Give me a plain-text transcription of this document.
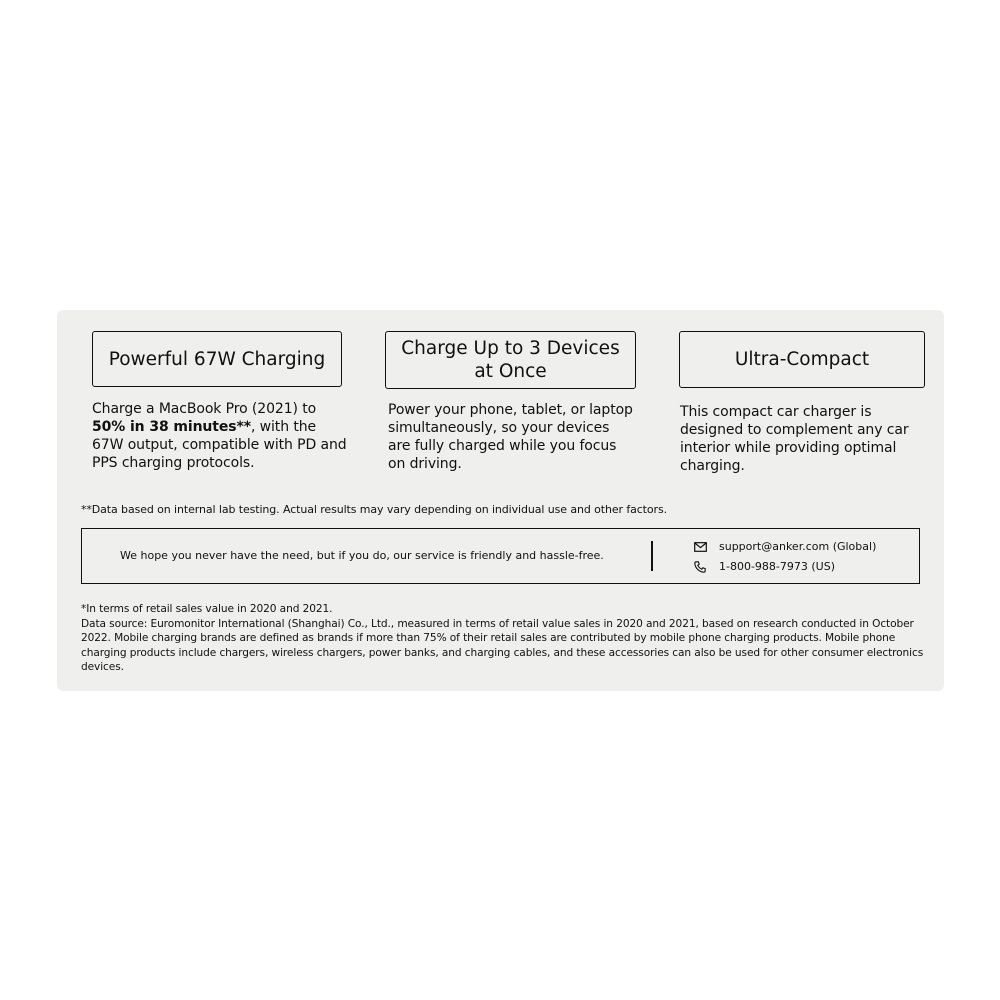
Powerful 67W Charging
Charge a MacBook Pro (2021) to 50% in 38 minutes**, with the 67W output, compatible with PD and PPS charging protocols.
Charge Up to 3 Devices at Once
Power your phone, tablet, or laptop simultaneously, so your devices are fully charged while you focus on driving.
Ultra-Compact
This compact car charger is designed to complement any car interior while providing optimal charging.
**Data based on internal lab testing. Actual results may vary depending on individual use and other factors.
We hope you never have the need, but if you do, our service is friendly and hassle-free.
support@anker.com (Global)
1-800-988-7973 (US)
*In terms of retail sales value in 2020 and 2021.
Data source: Euromonitor International (Shanghai) Co., Ltd., measured in terms of retail value sales in 2020 and 2021, based on research conducted in October 2022. Mobile charging brands are defined as brands if more than 75% of their retail sales are contributed by mobile phone charging products. Mobile phone charging products include chargers, wireless chargers, power banks, and charging cables, and these accessories can also be used for other consumer electronics devices.
